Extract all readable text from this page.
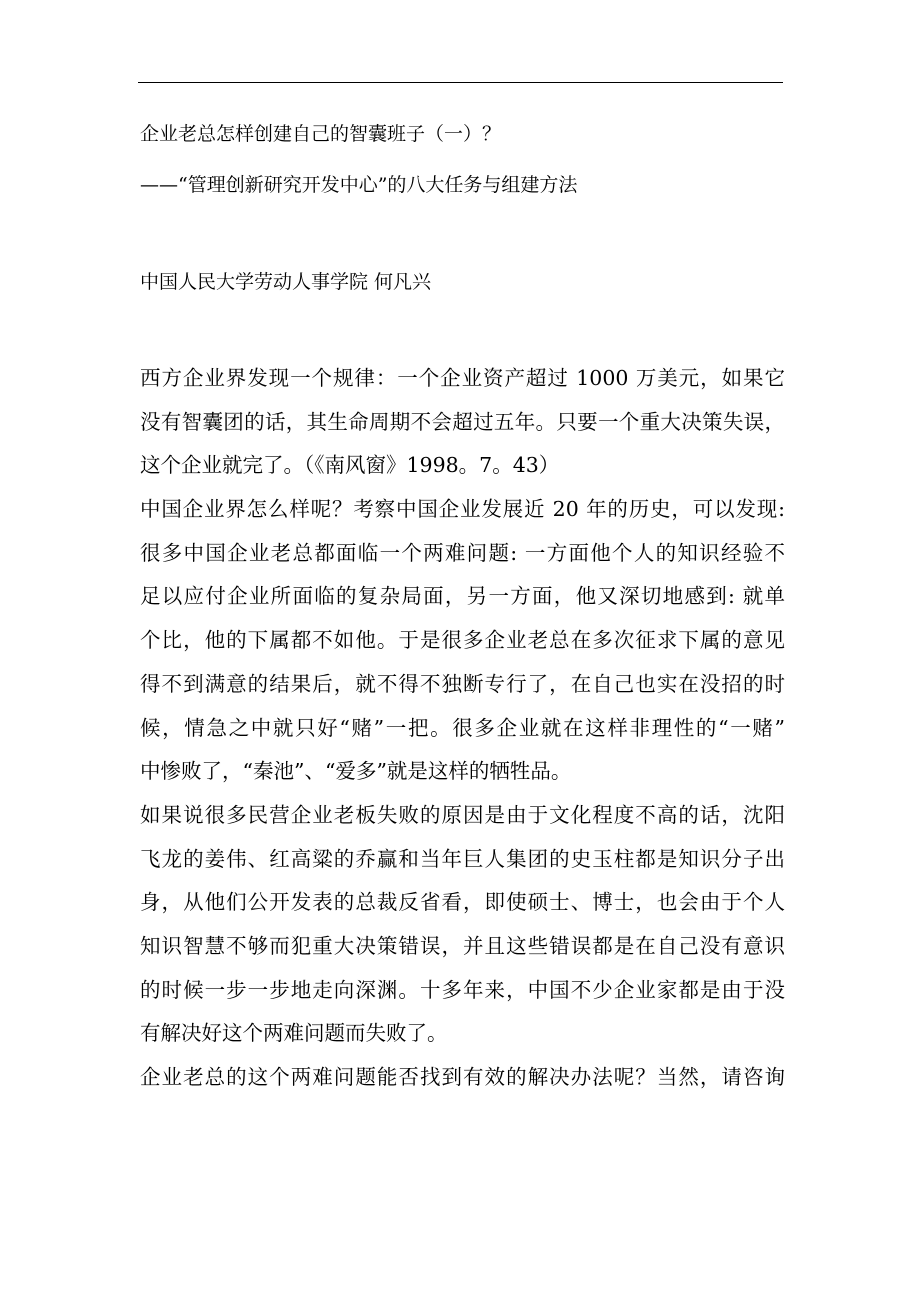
企业老总怎样创建自己的智囊班子（一）？
——“管理创新研究开发中心”的八大任务与组建方法
中国人民大学劳动人事学院 何凡兴
西方企业界发现一个规律：一个企业资产超过 1000 万美元，如果它
没有智囊团的话，其生命周期不会超过五年。只要一个重大决策失误，
这个企业就完了。（《南风窗》1998。7。43）
中国企业界怎么样呢？考察中国企业发展近 20 年的历史，可以发现:
很多中国企业老总都面临一个两难问题: 一方面他个人的知识经验不
足以应付企业所面临的复杂局面，另一方面，他又深切地感到: 就单
个比，他的下属都不如他。于是很多企业老总在多次征求下属的意见
得不到满意的结果后，就不得不独断专行了，在自己也实在没招的时
候，情急之中就只好“赌”一把。很多企业就在这样非理性的“一赌”
中惨败了，“秦池”、“爱多”就是这样的牺牲品。
如果说很多民营企业老板失败的原因是由于文化程度不高的话，沈阳
飞龙的姜伟、红高粱的乔赢和当年巨人集团的史玉柱都是知识分子出
身，从他们公开发表的总裁反省看，即使硕士、博士，也会由于个人
知识智慧不够而犯重大决策错误，并且这些错误都是在自己没有意识
的时候一步一步地走向深渊。十多年来，中国不少企业家都是由于没
有解决好这个两难问题而失败了。
企业老总的这个两难问题能否找到有效的解决办法呢？当然，请咨询
